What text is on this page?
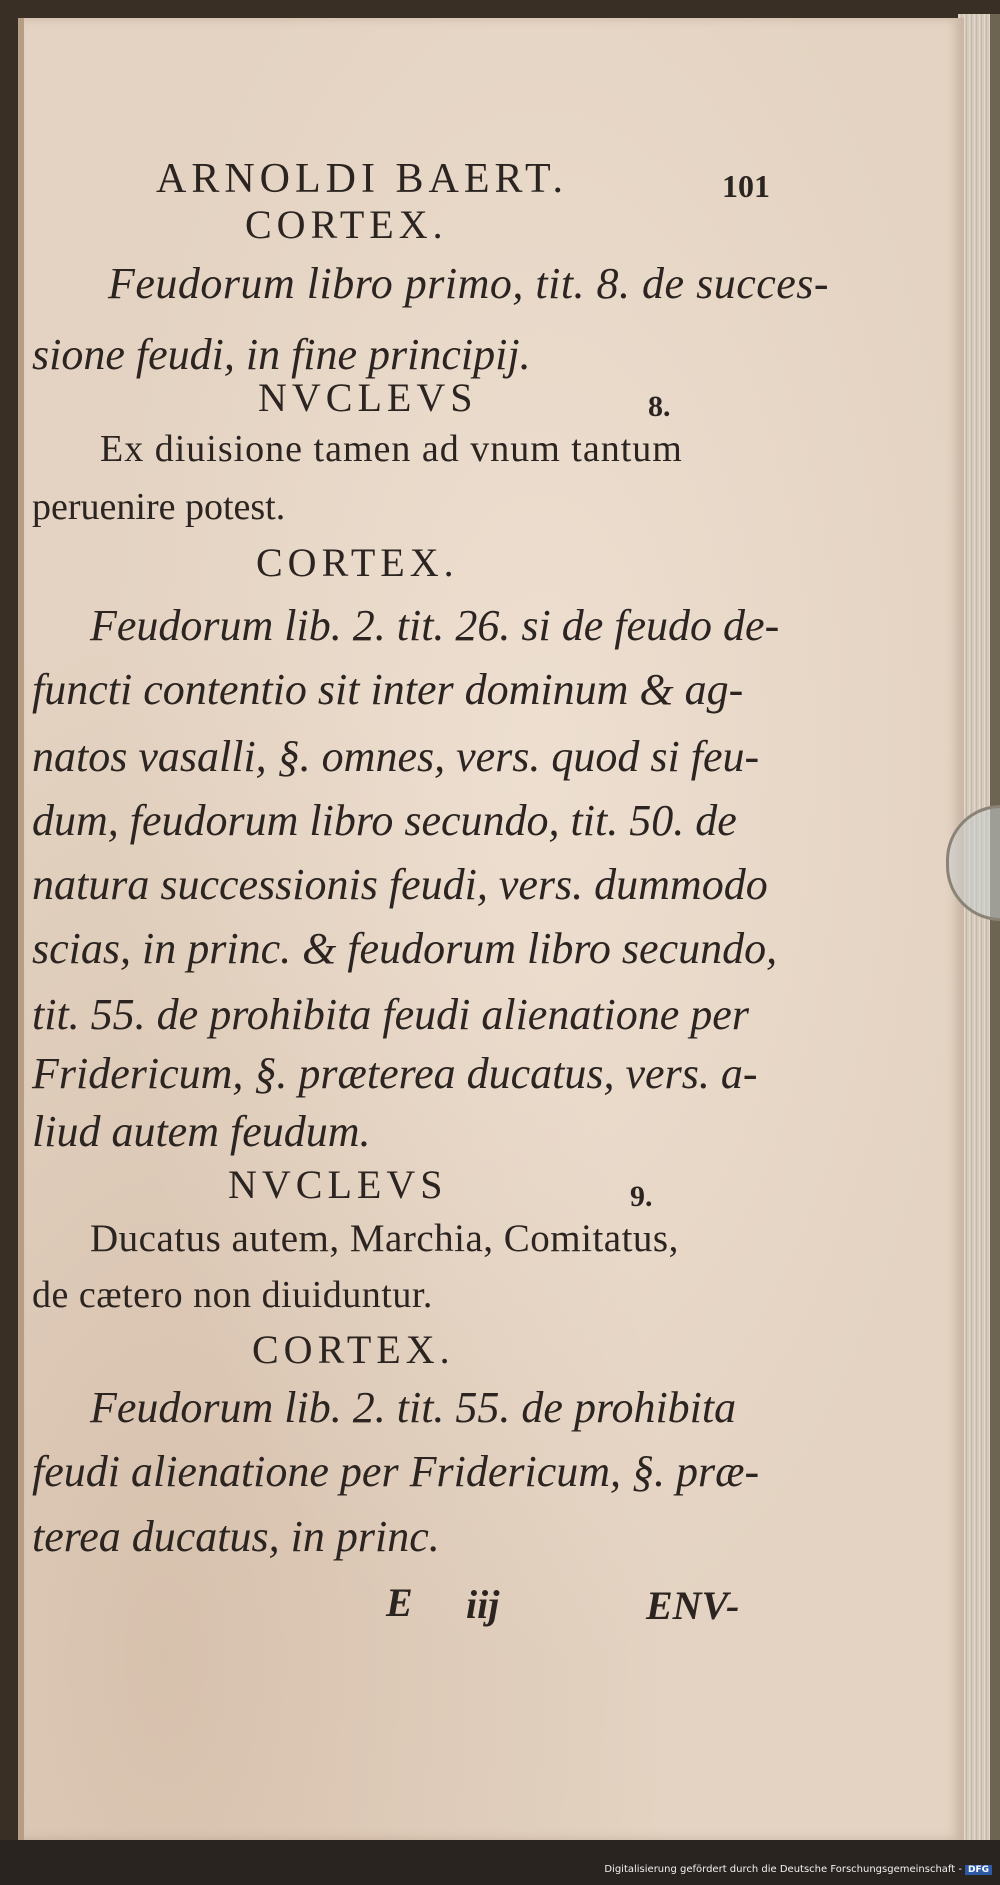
ARNOLDI BAERT.	101
CORTEX.
Feudorum libro primo, tit. 8. de succes-
sione feudi, in fine principij.
NVCLEVS	8.
Ex diuisione tamen ad vnum tantum
peruenire potest.
CORTEX.
Feudorum lib. 2. tit. 26. si de feudo de-
functi contentio sit inter dominum & ag-
natos vasalli, §. omnes, vers. quod si feu-
dum, feudorum libro secundo, tit. 50. de
natura successionis feudi, vers. dummodo
scias, in princ. & feudorum libro secundo,
tit. 55. de prohibita feudi alienatione per
Fridericum, §. præterea ducatus, vers. a-
liud autem feudum.
NVCLEVS	9.
Ducatus autem, Marchia, Comitatus,
de cætero non diuiduntur.
CORTEX.
Feudorum lib. 2. tit. 55. de prohibita
feudi alienatione per Fridericum, §. præ-
terea ducatus, in princ.
E iij	ENV-
Digitalisierung gefördert durch die Deutsche Forschungsgemeinschaft - DFG
